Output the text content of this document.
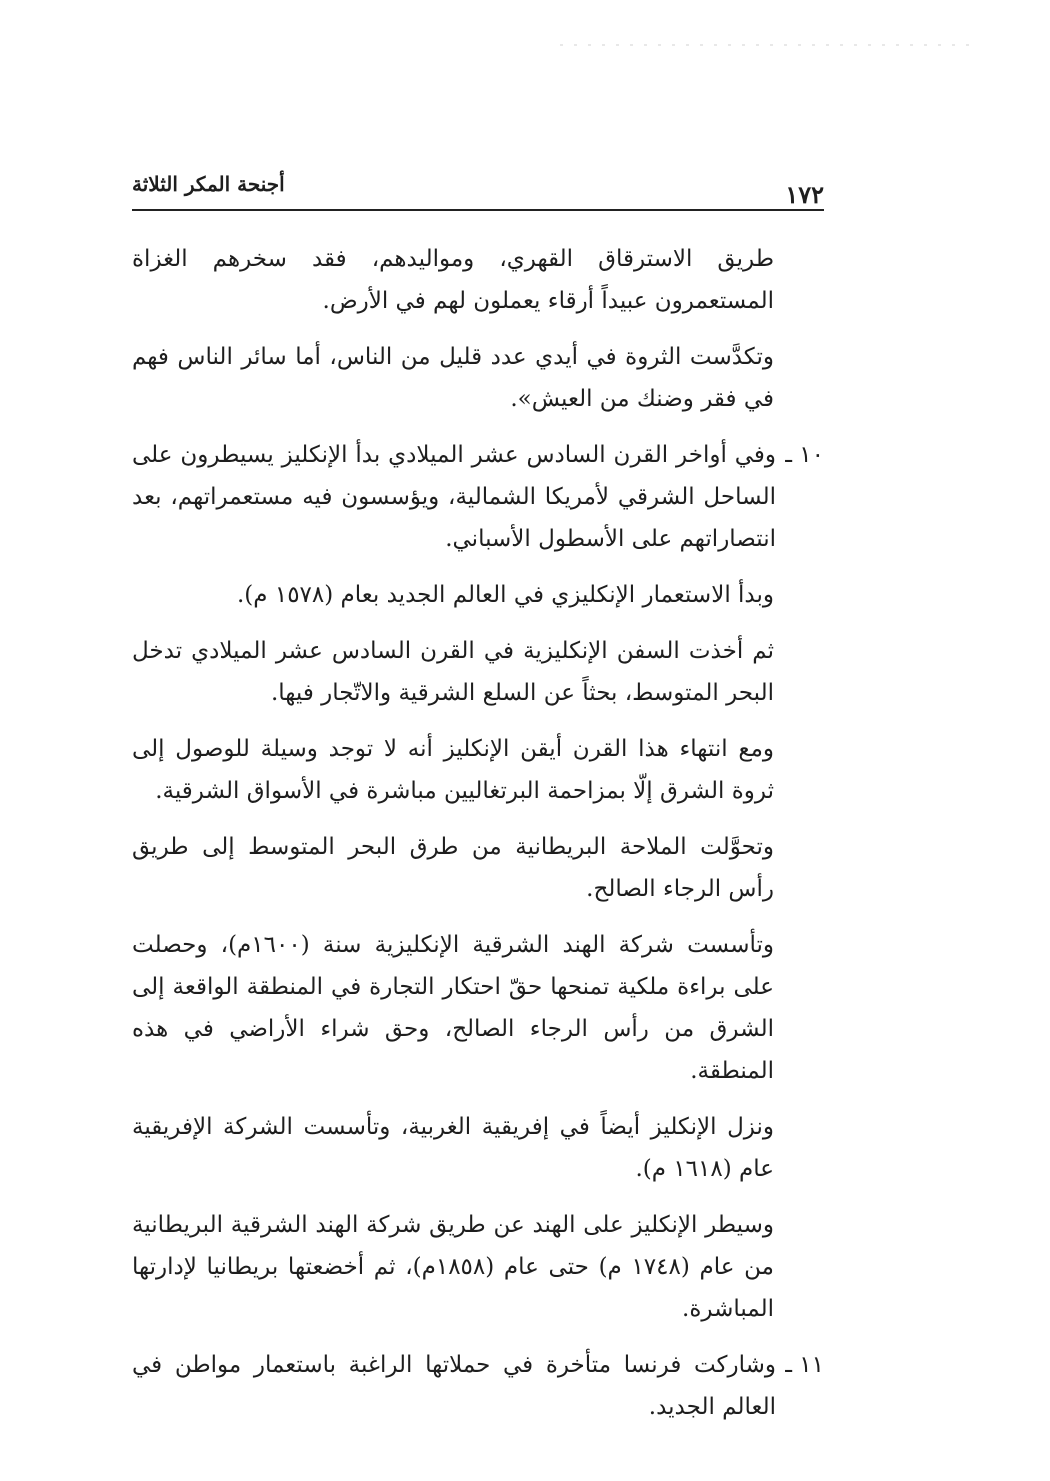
١٧٢
أجنحة المكر الثلاثة

طريق الاسترقاق القهري، ومواليدهم، فقد سخرهم الغزاة المستعمرون عبيداً أرقاء يعملون لهم في الأرض.

وتكدَّست الثروة في أيدي عدد قليل من الناس، أما سائر الناس فهم في فقر وضنك من العيش».

١٠ ـ
وفي أواخر القرن السادس عشر الميلادي بدأ الإنكليز يسيطرون على الساحل الشرقي لأمريكا الشمالية، ويؤسسون فيه مستعمراتهم، بعد انتصاراتهم على الأسطول الأسباني.

وبدأ الاستعمار الإنكليزي في العالم الجديد بعام (١٥٧٨ م).

ثم أخذت السفن الإنكليزية في القرن السادس عشر الميلادي تدخل البحر المتوسط، بحثاً عن السلع الشرقية والاتّجار فيها.

ومع انتهاء هذا القرن أيقن الإنكليز أنه لا توجد وسيلة للوصول إلى ثروة الشرق إلّا بمزاحمة البرتغاليين مباشرة في الأسواق الشرقية.

وتحوَّلت الملاحة البريطانية من طرق البحر المتوسط إلى طريق رأس الرجاء الصالح.

وتأسست شركة الهند الشرقية الإنكليزية سنة (١٦٠٠م)، وحصلت على براءة ملكية تمنحها حقّ احتكار التجارة في المنطقة الواقعة إلى الشرق من رأس الرجاء الصالح، وحق شراء الأراضي في هذه المنطقة.

ونزل الإنكليز أيضاً في إفريقية الغربية، وتأسست الشركة الإفريقية عام (١٦١٨ م).

وسيطر الإنكليز على الهند عن طريق شركة الهند الشرقية البريطانية من عام (١٧٤٨ م) حتى عام (١٨٥٨م)، ثم أخضعتها بريطانيا لإدارتها المباشرة.

١١ ـ
وشاركت فرنسا متأخرة في حملاتها الراغبة باستعمار مواطن في العالم الجديد.
